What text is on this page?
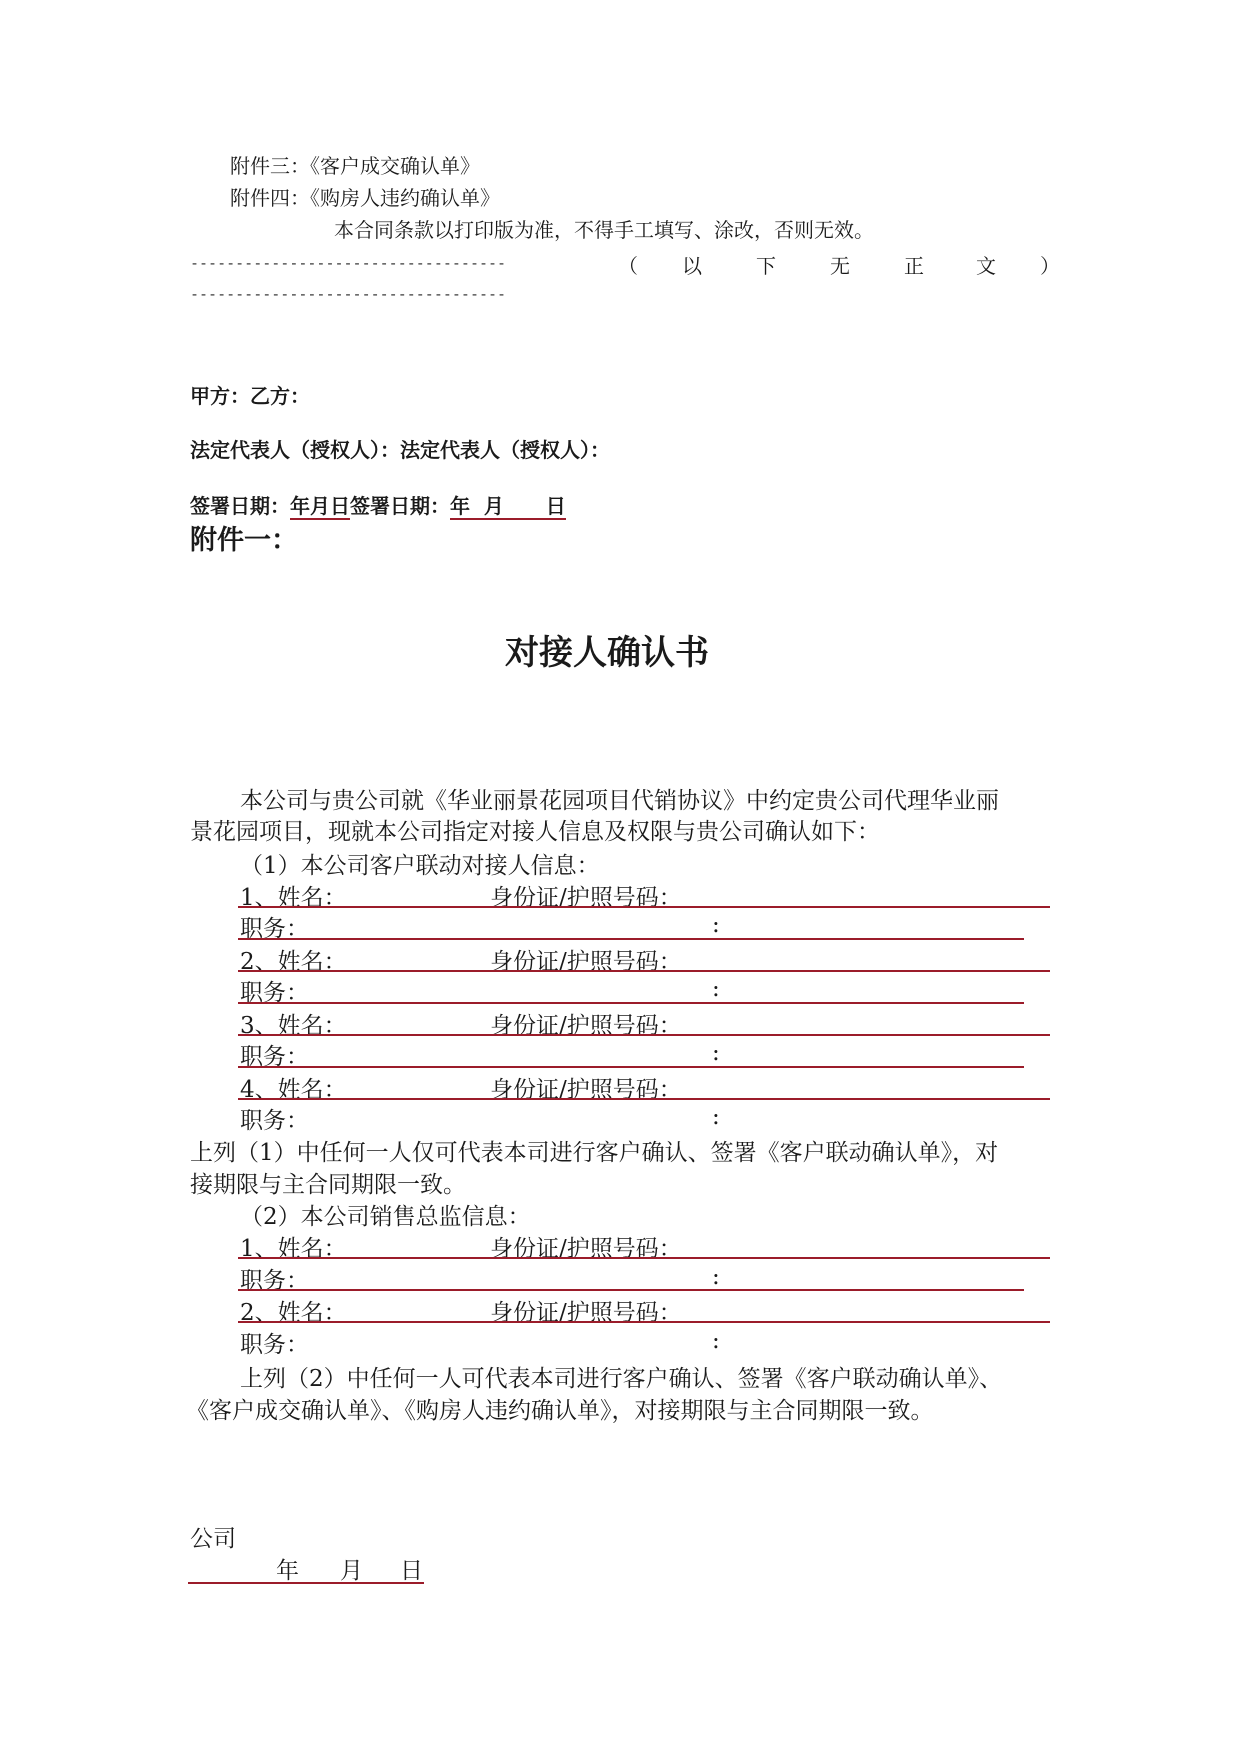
附件三：《客户成交确认单》
附件四：《购房人违约确认单》
本合同条款以打印版为准，不得手工填写、涂改，否则无效。
-----------------------------------	（ 以	下	无	正	文 ）
-----------------------------------
甲方：乙方：
法定代表人（授权人）：法定代表人（授权人）：
签署日期：年月日签署日期：年  月      日
附件一：
对接人确认书
本公司与贵公司就《华业丽景花园项目代销协议》中约定贵公司代理华业丽
景花园项目，现就本公司指定对接人信息及权限与贵公司确认如下：
（1）本公司客户联动对接人信息：
1、姓名：	身份证/护照号码：
职务：	:
2、姓名：	身份证/护照号码：
职务：	:
3、姓名：	身份证/护照号码：
职务：	:
4、姓名：	身份证/护照号码：
职务：	:
上列（1）中任何一人仅可代表本司进行客户确认、签署《客户联动确认单》，对
接期限与主合同期限一致。
（2）本公司销售总监信息：
1、姓名：	身份证/护照号码：
职务：	:
2、姓名：	身份证/护照号码：
职务：	:
上列（2）中任何一人可代表本司进行客户确认、签署《客户联动确认单》、
《客户成交确认单》、《购房人违约确认单》，对接期限与主合同期限一致。
公司
年 月 日
